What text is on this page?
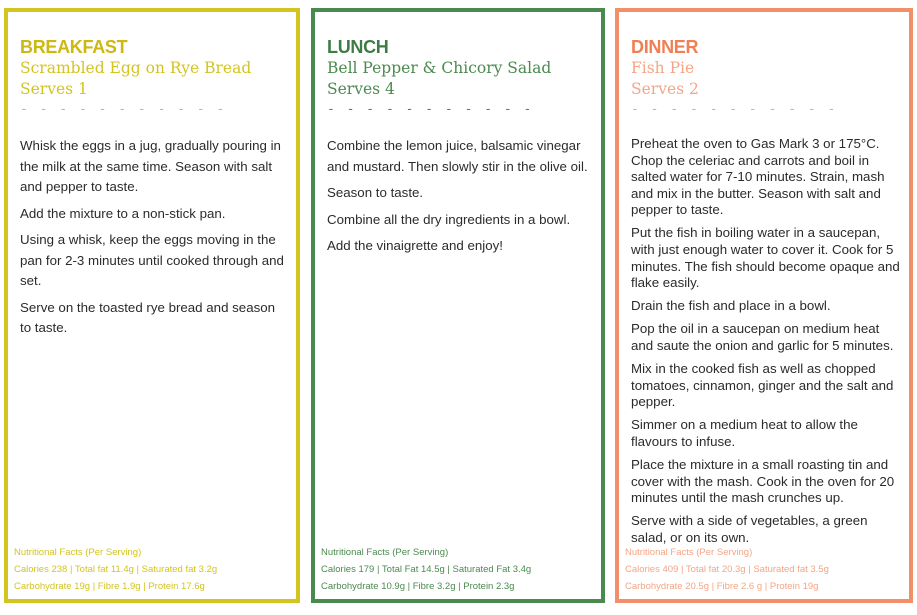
BREAKFAST
Scrambled Egg on Rye Bread
Serves 1
- - - - - - - - - - -

Whisk the eggs in a jug, gradually pouring in the milk at the same time. Season with salt and pepper to taste.

Add the mixture to a non-stick pan.

Using a whisk, keep the eggs moving in the pan for 2-3 minutes until cooked through and set.

Serve on the toasted rye bread and season to taste.

Nutritional Facts (Per Serving)
Calories 238 | Total fat 11.4g | Saturated fat 3.2g
Carbohydrate 19g | Fibre 1.9g | Protein 17.6g
LUNCH
Bell Pepper & Chicory Salad
Serves 4
- - - - - - - - - - -

Combine the lemon juice, balsamic vinegar and mustard. Then slowly stir in the olive oil.

Season to taste.

Combine all the dry ingredients in a bowl.

Add the vinaigrette and enjoy!

Nutritional Facts (Per Serving)
Calories 179 | Total Fat 14.5g | Saturated Fat 3.4g
Carbohydrate 10.9g | Fibre 3.2g | Protein 2.3g
DINNER
Fish Pie
Serves 2
- - - - - - - - - - -

Preheat the oven to Gas Mark 3 or 175°C. Chop the celeriac and carrots and boil in salted water for 7-10 minutes. Strain, mash and mix in the butter. Season with salt and pepper to taste.

Put the fish in boiling water in a saucepan, with just enough water to cover it. Cook for 5 minutes. The fish should become opaque and flake easily.

Drain the fish and place in a bowl.

Pop the oil in a saucepan on medium heat and saute the onion and garlic for 5 minutes.

Mix in the cooked fish as well as chopped tomatoes, cinnamon, ginger and the salt and pepper.

Simmer on a medium heat to allow the flavours to infuse.

Place the mixture in a small roasting tin and cover with the mash. Cook in the oven for 20 minutes until the mash crunches up.

Serve with a side of vegetables, a green salad, or on its own.

Nutritional Facts (Per Serving)
Calories 409 | Total fat 20.3g | Saturated fat 3.5g
Carbohydrate 20.5g | Fibre 2.6 g | Protein 19g
